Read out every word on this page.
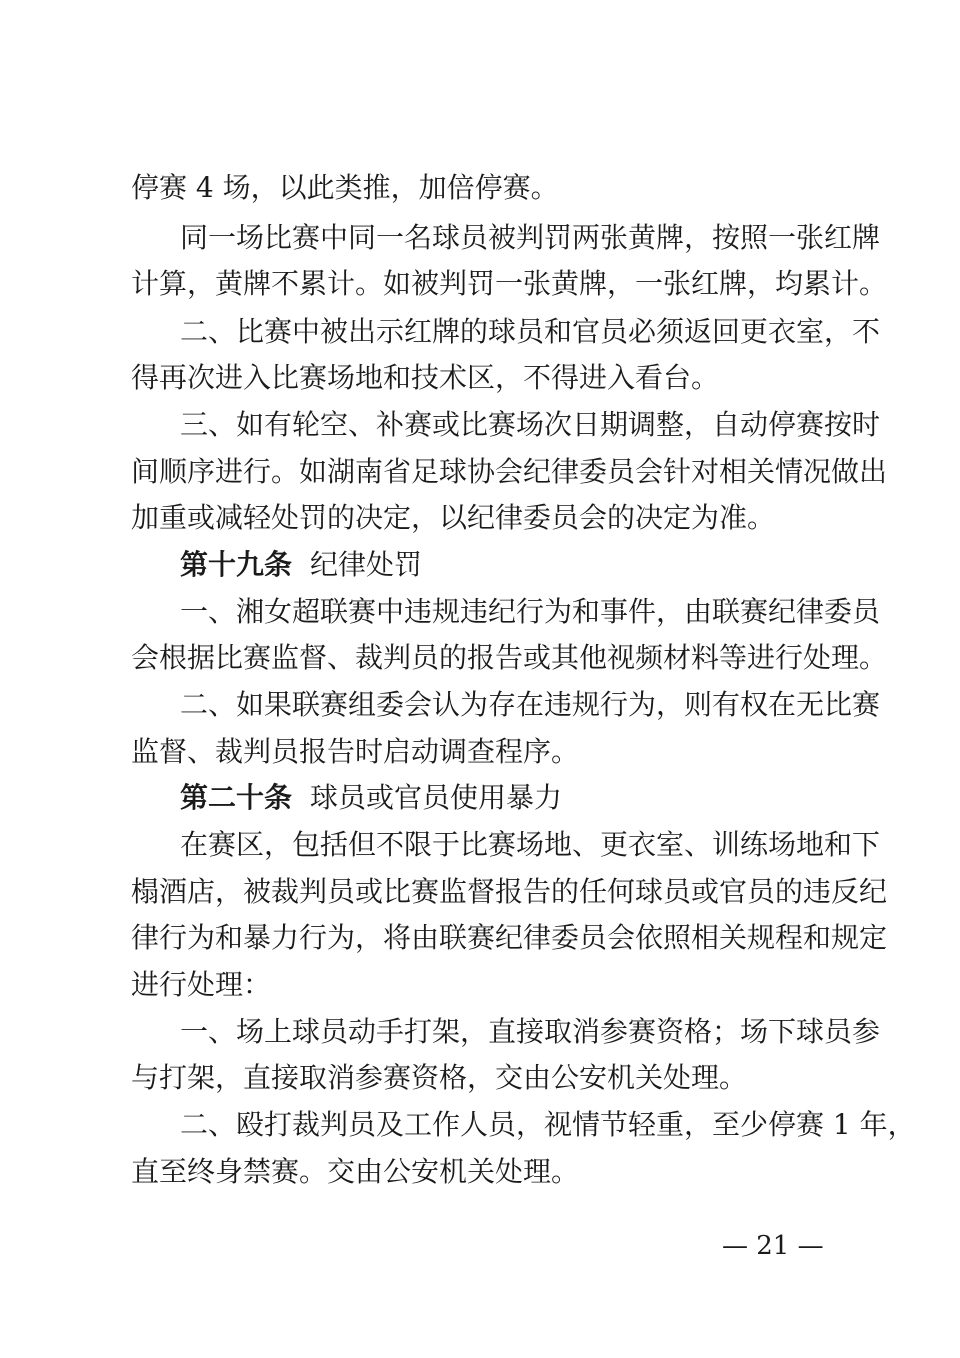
停赛 4 场，以此类推，加倍停赛。
同一场比赛中同一名球员被判罚两张黄牌，按照一张红牌
计算，黄牌不累计。如被判罚一张黄牌，一张红牌，均累计。
二、比赛中被出示红牌的球员和官员必须返回更衣室，不
得再次进入比赛场地和技术区，不得进入看台。
三、如有轮空、补赛或比赛场次日期调整，自动停赛按时
间顺序进行。如湖南省足球协会纪律委员会针对相关情况做出
加重或减轻处罚的决定，以纪律委员会的决定为准。
第十九条 纪律处罚
一、湘女超联赛中违规违纪行为和事件，由联赛纪律委员
会根据比赛监督、裁判员的报告或其他视频材料等进行处理。
二、如果联赛组委会认为存在违规行为，则有权在无比赛
监督、裁判员报告时启动调查程序。
第二十条 球员或官员使用暴力
在赛区，包括但不限于比赛场地、更衣室、训练场地和下
榻酒店，被裁判员或比赛监督报告的任何球员或官员的违反纪
律行为和暴力行为，将由联赛纪律委员会依照相关规程和规定
进行处理：
一、场上球员动手打架，直接取消参赛资格；场下球员参
与打架，直接取消参赛资格，交由公安机关处理。
二、殴打裁判员及工作人员，视情节轻重，至少停赛 1 年，
直至终身禁赛。交由公安机关处理。
— 21 —
